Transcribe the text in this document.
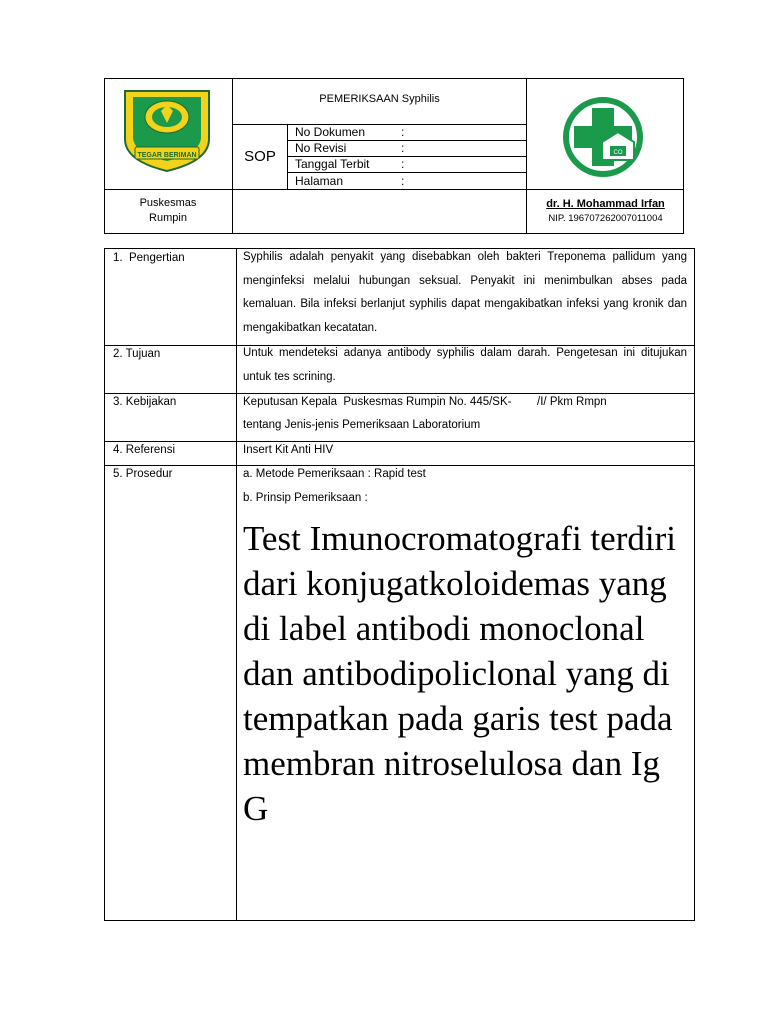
TEGAR BERIMAN
PEMERIKSAAN Syphilis
SOP
No Dokumen	:
No Revisi	:
Tanggal Terbit	:
Halaman	:
CO
Puskesmas
Rumpin
dr. H. Mohammad Irfan
NIP. 196707262007011004
1.  Pengertian	Syphilis adalah penyakit yang disebabkan oleh bakteri Treponema pallidum yang menginfeksi melalui hubungan seksual. Penyakit ini menimbulkan abses pada kemaluan. Bila infeksi berlanjut syphilis dapat mengakibatkan infeksi yang kronik dan mengakibatkan kecatatan.
2. Tujuan	Untuk mendeteksi adanya antibody syphilis dalam darah. Pengetesan ini ditujukan untuk tes scrining.
3. Kebijakan	Keputusan Kepala  Puskesmas Rumpin No. 445/SK-        /I/ Pkm Rmpn
tentang Jenis-jenis Pemeriksaan Laboratorium
4. Referensi	Insert Kit Anti HIV
5. Prosedur	a. Metode Pemeriksaan : Rapid test
b. Prinsip Pemeriksaan :
Test Imunocromatografi terdiri dari konjugatkoloidemas yang di label antibodi monoclonal dan antibodipoliclonal yang di tempatkan pada garis test pada membran nitroselulosa dan Ig G
